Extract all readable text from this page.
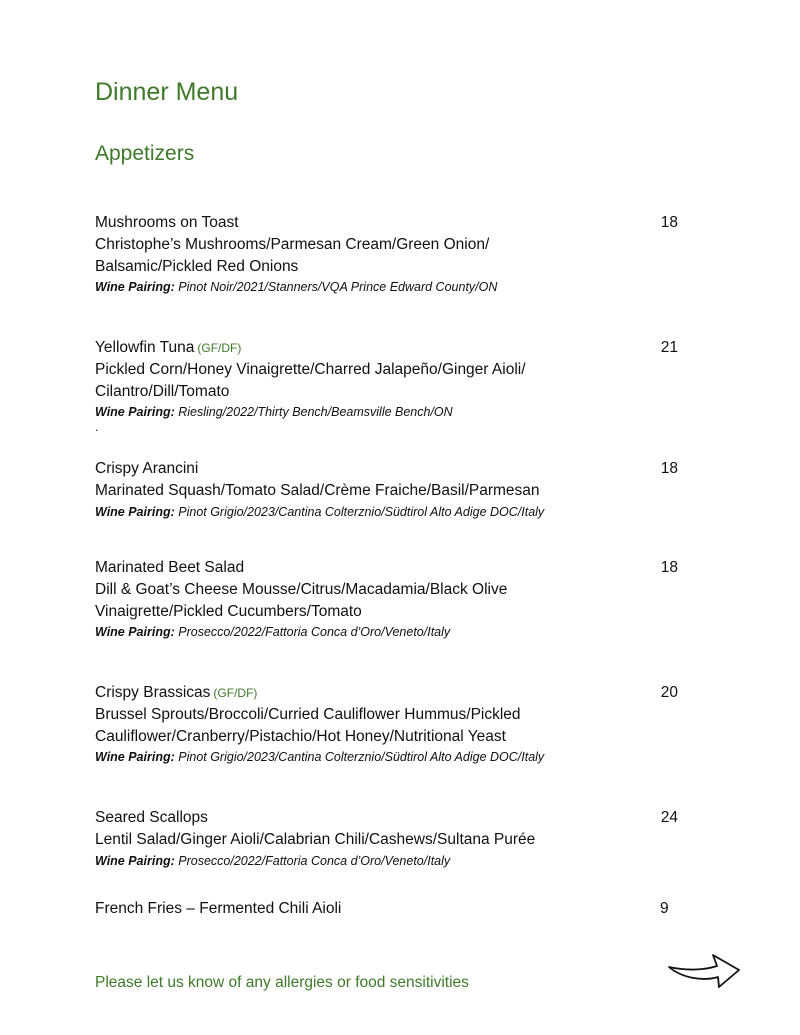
Dinner Menu
Appetizers
Mushrooms on Toast	18
Christophe’s Mushrooms/Parmesan Cream/Green Onion/ Balsamic/Pickled Red Onions
Wine Pairing: Pinot Noir/2021/Stanners/VQA Prince Edward County/ON
Yellowfin Tuna (GF/DF)	21
Pickled Corn/Honey Vinaigrette/Charred Jalapeño/Ginger Aioli/ Cilantro/Dill/Tomato
Wine Pairing: Riesling/2022/Thirty Bench/Beamsville Bench/ON
.
Crispy Arancini	18
Marinated Squash/Tomato Salad/Crème Fraiche/Basil/Parmesan
Wine Pairing: Pinot Grigio/2023/Cantina Colterznio/Südtirol Alto Adige DOC/Italy
Marinated Beet Salad	18
Dill & Goat’s Cheese Mousse/Citrus/Macadamia/Black Olive Vinaigrette/Pickled Cucumbers/Tomato
Wine Pairing: Prosecco/2022/Fattoria Conca d’Oro/Veneto/Italy
Crispy Brassicas (GF/DF)	20
Brussel Sprouts/Broccoli/Curried Cauliflower Hummus/Pickled Cauliflower/Cranberry/Pistachio/Hot Honey/Nutritional Yeast
Wine Pairing: Pinot Grigio/2023/Cantina Colterznio/Südtirol Alto Adige DOC/Italy
Seared Scallops	24
Lentil Salad/Ginger Aioli/Calabrian Chili/Cashews/Sultana Purée
Wine Pairing: Prosecco/2022/Fattoria Conca d’Oro/Veneto/Italy
French Fries – Fermented Chili Aioli	9
Please let us know of any allergies or food sensitivities
